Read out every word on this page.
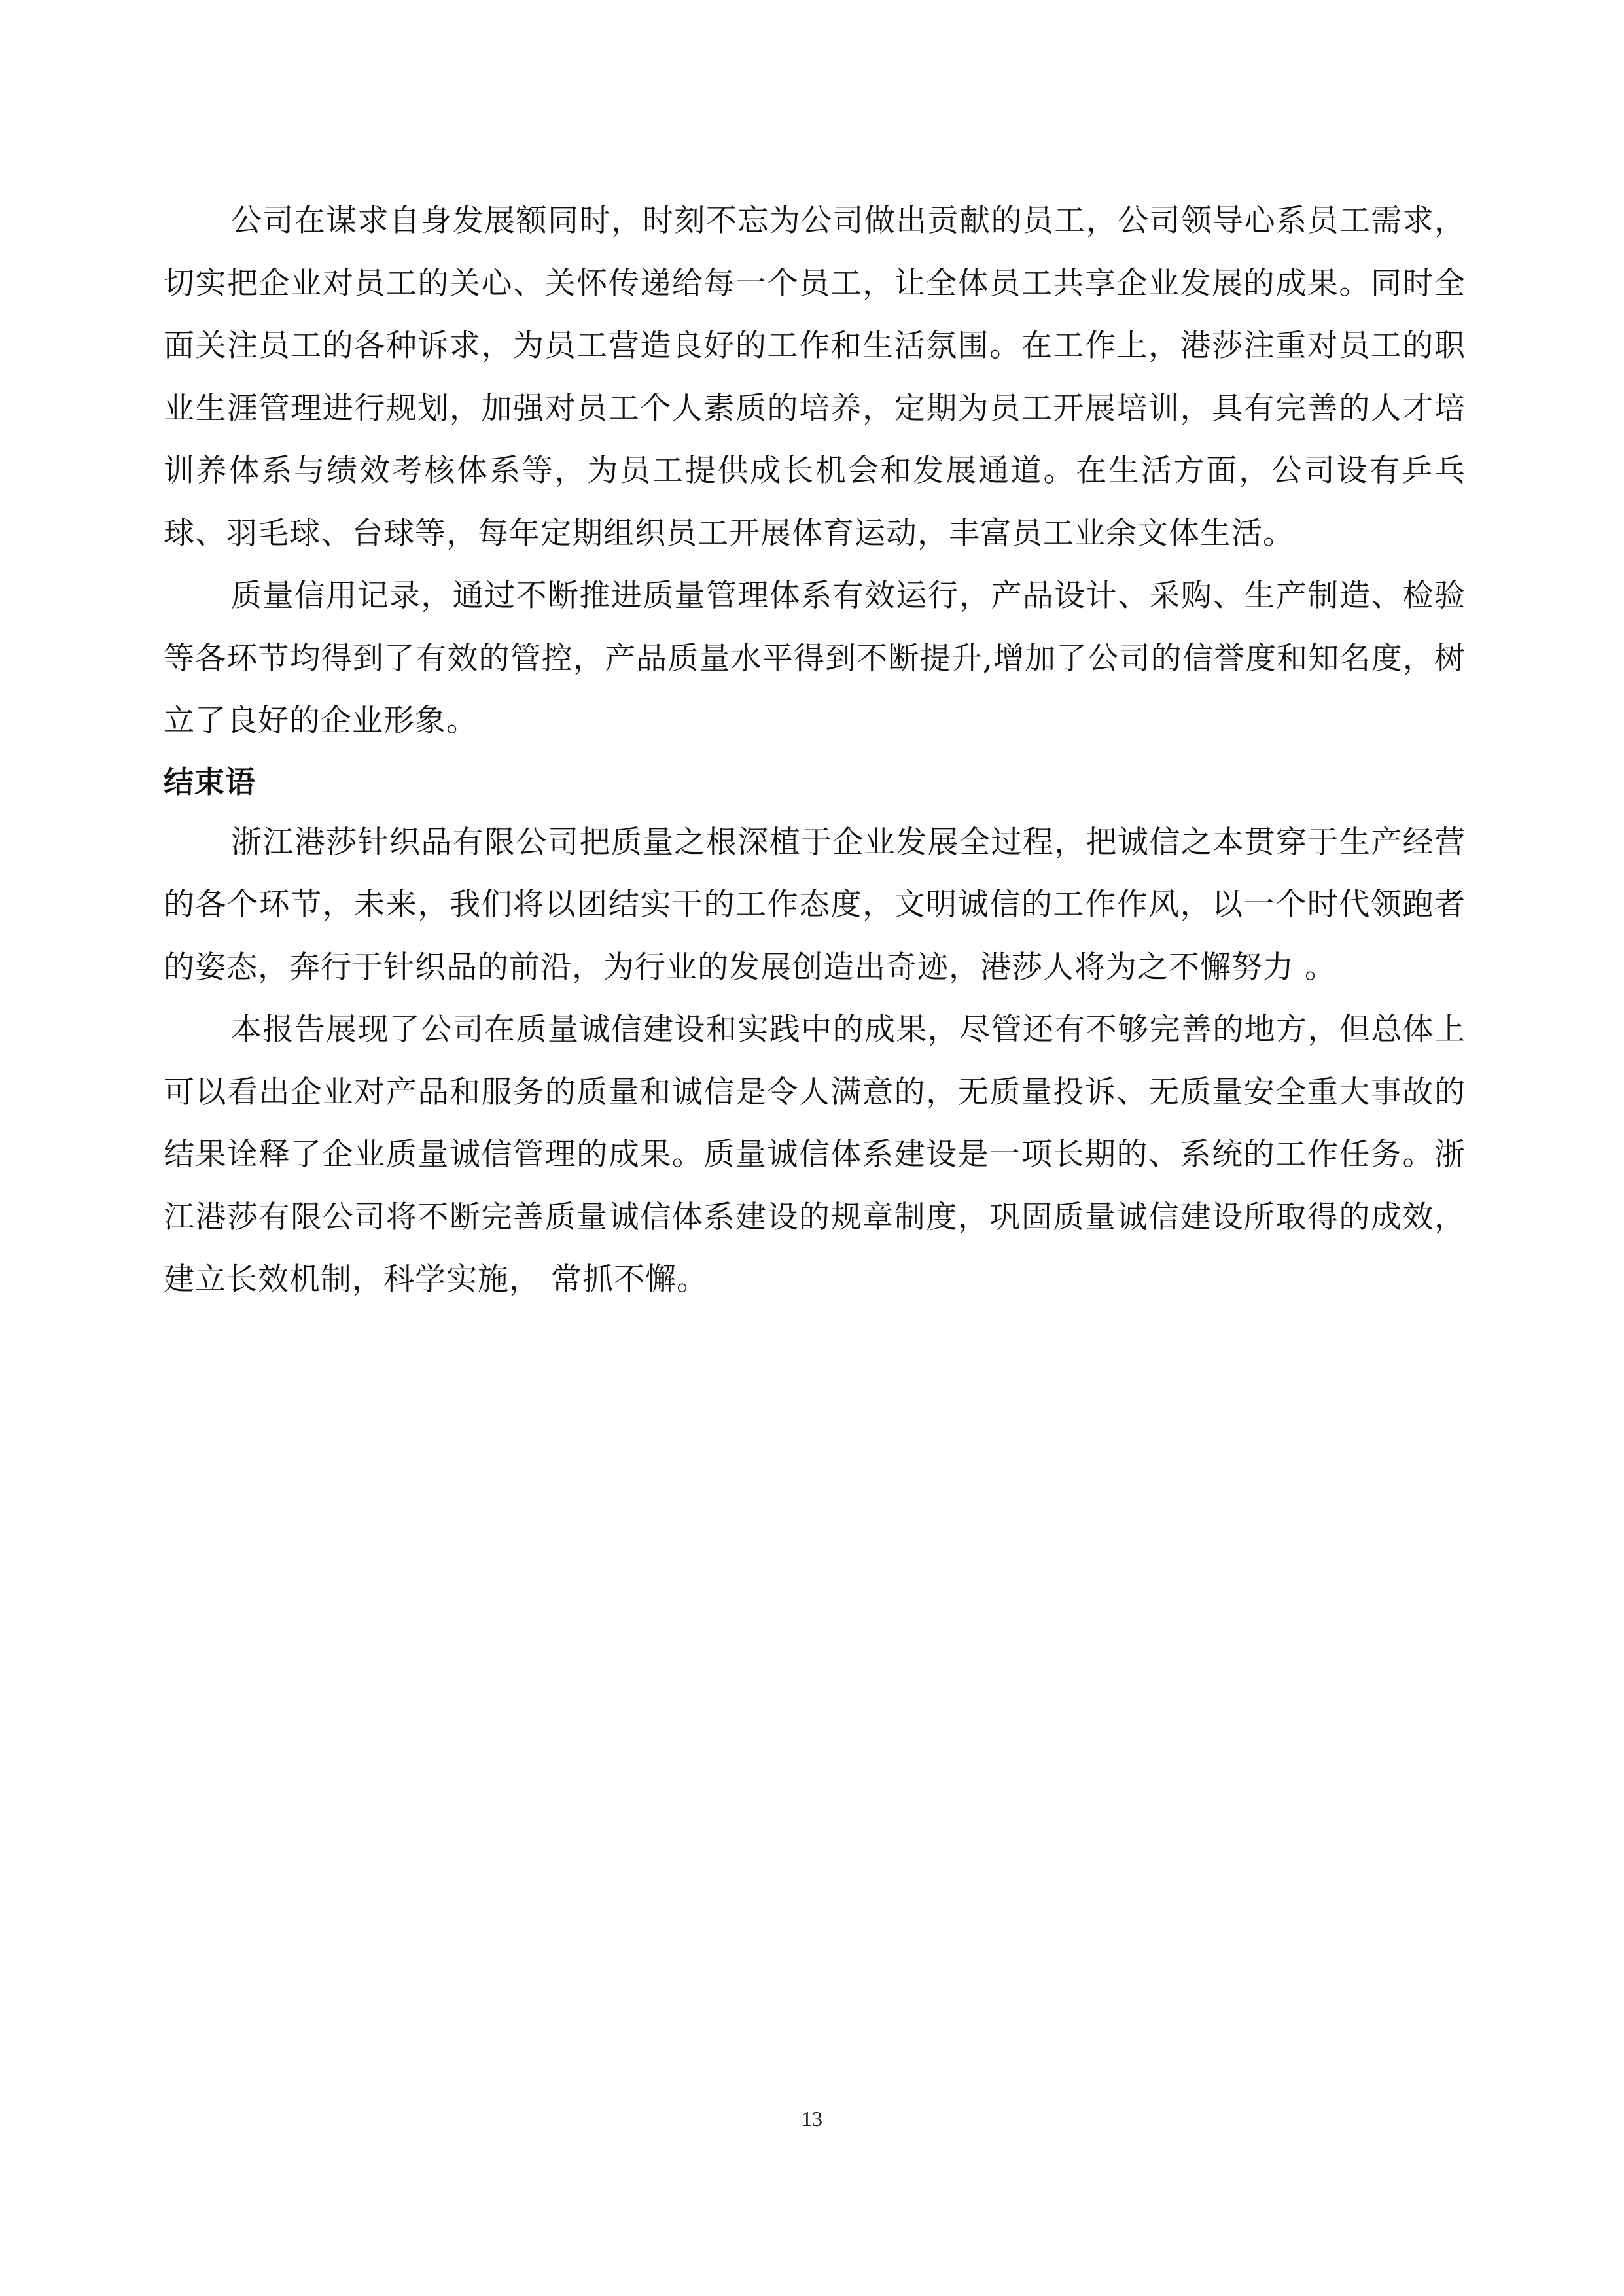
公司在谋求自身发展额同时，时刻不忘为公司做出贡献的员工，公司领导心系员工需求，切实把企业对员工的关心、关怀传递给每一个员工，让全体员工共享企业发展的成果。同时全面关注员工的各种诉求，为员工营造良好的工作和生活氛围。在工作上，港莎注重对员工的职业生涯管理进行规划，加强对员工个人素质的培养，定期为员工开展培训，具有完善的人才培训养体系与绩效考核体系等，为员工提供成长机会和发展通道。在生活方面，公司设有乒乓球、羽毛球、台球等，每年定期组织员工开展体育运动，丰富员工业余文体生活。

质量信用记录，通过不断推进质量管理体系有效运行，产品设计、采购、生产制造、检验等各环节均得到了有效的管控，产品质量水平得到不断提升,增加了公司的信誉度和知名度，树立了良好的企业形象。

结束语

浙江港莎针织品有限公司把质量之根深植于企业发展全过程，把诚信之本贯穿于生产经营的各个环节，未来，我们将以团结实干的工作态度，文明诚信的工作作风，以一个时代领跑者的姿态，奔行于针织品的前沿，为行业的发展创造出奇迹，港莎人将为之不懈努力 。

本报告展现了公司在质量诚信建设和实践中的成果，尽管还有不够完善的地方，但总体上可以看出企业对产品和服务的质量和诚信是令人满意的，无质量投诉、无质量安全重大事故的结果诠释了企业质量诚信管理的成果。质量诚信体系建设是一项长期的、系统的工作任务。浙江港莎有限公司将不断完善质量诚信体系建设的规章制度，巩固质量诚信建设所取得的成效，建立长效机制，科学实施， 常抓不懈。

13
